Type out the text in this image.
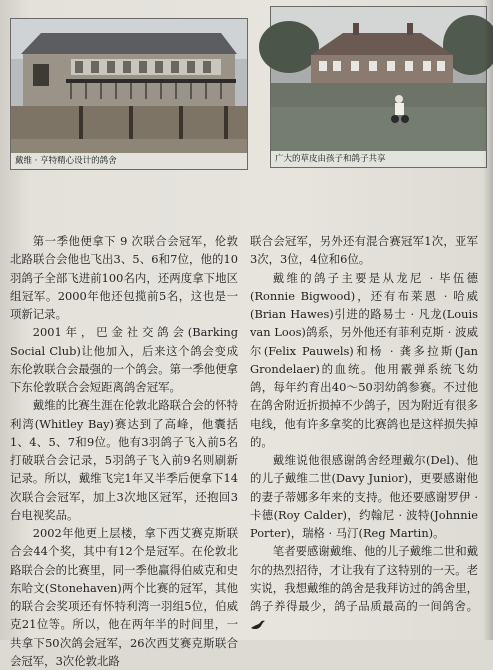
戴维 · 亨特精心设计的鸽舍	广大的草皮由孩子和鸽子共享

第一季他便拿下 9 次联合会冠军，伦敦北路联合会他也飞出3、5、6和7位，他的10羽鸽子全部飞进前100名内，还两度拿下地区组冠军。2000年他还包揽前5名，这也是一项新记录。

2001年，巴金社交鸽会(Barking Social Club)让他加入，后来这个鸽会变成东伦敦联合会最强的一个鸽会。第一季他便拿下东伦敦联合会短距离鸽舍冠军。

戴维的比赛生涯在伦敦北路联合会的怀特利湾(Whitley Bay)赛达到了高峰，他囊括1、4、5、7和9位。他有3羽鸽子飞入前5名打破联合会记录，5羽鸽子飞入前9名则刷新记录。所以，戴维飞完1年又半季后便拿下14次联合会冠军，加上3次地区冠军，还抱回3台电视奖品。

2002年他更上层楼，拿下西艾赛克斯联合会44个奖，其中有12个是冠军。在伦敦北路联合会的比赛里，同一季他赢得伯威克和史东哈文(Stonehaven)两个比赛的冠军，其他的联合会奖项还有怀特利湾一羽组5位，伯威克21位等。所以，他在两年半的时间里，一共拿下50次鸽会冠军，26次西艾赛克斯联合会冠军，3次伦敦北路

联合会冠军，另外还有混合赛冠军1次，亚军3次，3位，4位和6位。

戴维的鸽子主要是从龙尼 · 毕伍德(Ronnie Bigwood)，还有布莱恩 · 哈威(Brian Hawes)引进的路易士 · 凡龙(Louis van Loos)鸽系，另外他还有菲利克斯 · 波威尔(Felix Pauwels)和杨 · 龚多拉斯(Jan Grondelaer)的血统。他用霰弹系统飞幼鸽，每年约育出40～50羽幼鸽参赛。不过他在鸽舍附近折损掉不少鸽子，因为附近有很多电线，他有许多拿奖的比赛鸽也是这样损失掉的。

戴维说他很感谢鸽舍经理戴尔(Del)、他的儿子戴维二世(Davy Junior)，更要感谢他的妻子蒂娜多年来的支持。他还要感谢罗伊 · 卡德(Roy Calder)，约翰尼 · 波特(Johnnie Porter)，瑞格 · 马汀(Reg Martin)。

笔者要感谢戴维、他的儿子戴维二世和戴尔的热烈招待，才让我有了这特别的一天。老实说，我想戴维的鸽舍是我拜访过的鸽舍里，鸽子养得最少，鸽子品质最高的一间鸽舍。
